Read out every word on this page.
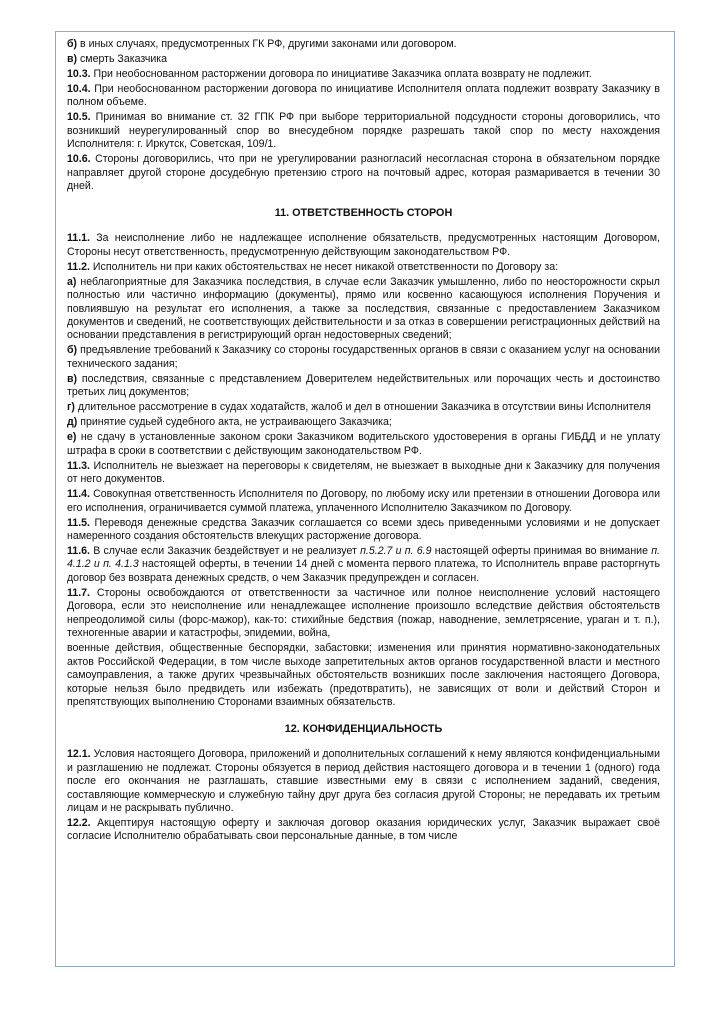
б) в иных случаях, предусмотренных ГК РФ, другими законами или договором.

в) смерть Заказчика

10.3. При необоснованном расторжении договора по инициативе Заказчика оплата возврату не подлежит.

10.4. При необоснованном расторжении договора по инициативе Исполнителя оплата подлежит возврату Заказчику в полном объеме.

10.5. Принимая во внимание ст. 32 ГПК РФ при выборе территориальной подсудности стороны договорились, что возникший неурегулированный спор во внесудебном порядке разрешать такой спор по месту нахождения Исполнителя: г. Иркутск, Советская, 109/1.

10.6. Стороны договорились, что при не урегулировании разногласий несогласная сторона в обязательном порядке направляет другой стороне досудебную претензию строго на почтовый адрес, которая размаривается в течении 30 дней.

11. ОТВЕТСТВЕННОСТЬ СТОРОН

11.1. За неисполнение либо не надлежащее исполнение обязательств, предусмотренных настоящим Договором, Стороны несут ответственность, предусмотренную действующим законодательством РФ.

11.2. Исполнитель ни при каких обстоятельствах не несет никакой ответственности по Договору за:

а) неблагоприятные для Заказчика последствия, в случае если Заказчик умышленно, либо по неосторожности скрыл полностью или частично информацию (документы), прямо или косвенно касающуюся исполнения Поручения и повлиявшую на результат его исполнения, а также за последствия, связанные с предоставлением Заказчиком документов и сведений, не соответствующих действительности и за отказ в совершении регистрационных действий на основании представления в регистрирующий орган недостоверных сведений;

б) предъявление требований к Заказчику со стороны государственных органов в связи с оказанием услуг на основании технического задания;

в) последствия, связанные с представлением Доверителем недействительных или порочащих честь и достоинство третьих лиц документов;

г) длительное рассмотрение в судах ходатайств, жалоб и дел в отношении Заказчика в отсутствии вины Исполнителя

д) принятие судьей судебного акта, не устраивающего Заказчика;

е) не сдачу в установленные законом сроки Заказчиком водительского удостоверения в органы ГИБДД и не уплату штрафа в сроки в соответствии с действующим законодательством РФ.

11.3. Исполнитель не выезжает на переговоры к свидетелям, не выезжает в выходные дни к Заказчику для получения от него документов.

11.4. Совокупная ответственность Исполнителя по Договору, по любому иску или претензии в отношении Договора или его исполнения, ограничивается суммой платежа, уплаченного Исполнителю Заказчиком по Договору.

11.5. Переводя денежные средства Заказчик соглашается со всеми здесь приведенными условиями и не допускает намеренного создания обстоятельств влекущих расторжение договора.

11.6. В случае если Заказчик бездействует и не реализует п.5.2.7 и п. 6.9 настоящей оферты принимая во внимание п. 4.1.2 и п. 4.1.3 настоящей оферты, в течении 14 дней с момента первого платежа, то Исполнитель вправе расторгнуть договор без возврата денежных средств, о чем Заказчик предупрежден и согласен.

11.7. Стороны освобождаются от ответственности за частичное или полное неисполнение условий настоящего Договора, если это неисполнение или ненадлежащее исполнение произошло вследствие действия обстоятельств непреодолимой силы (форс-мажор), как-то: стихийные бедствия (пожар, наводнение, землетрясение, ураган и т. п.), техногенные аварии и катастрофы, эпидемии, война,

военные действия, общественные беспорядки, забастовки; изменения или принятия нормативно-законодательных актов Российской Федерации, в том числе выходе запретительных актов органов государственной власти и местного самоуправления, а также других чрезвычайных обстоятельств возникших после заключения настоящего Договора, которые нельзя было предвидеть или избежать (предотвратить), не зависящих от воли и действий Сторон и препятствующих выполнению Сторонами взаимных обязательств.

12. КОНФИДЕНЦИАЛЬНОСТЬ

12.1. Условия настоящего Договора, приложений и дополнительных соглашений к нему являются конфиденциальными и разглашению не подлежат. Стороны обязуется в период действия настоящего договора и в течении 1 (одного) года после его окончания не разглашать, ставшие известными ему в связи с исполнением заданий, сведения, составляющие коммерческую и служебную тайну друг друга без согласия другой Стороны; не передавать их третьим лицам и не раскрывать публично.

12.2. Акцептируя настоящую оферту и заключая договор оказания юридических услуг, Заказчик выражает своё согласие Исполнителю обрабатывать свои персональные данные, в том числе
